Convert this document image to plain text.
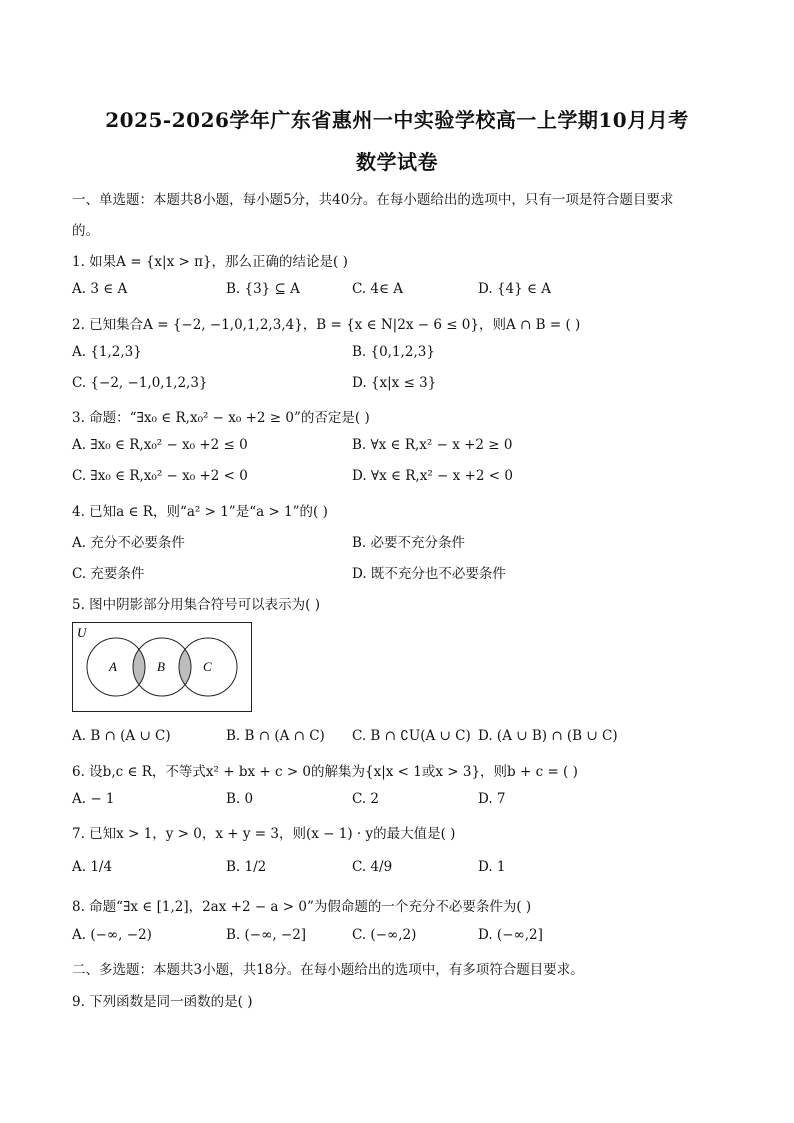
2025-2026学年广东省惠州一中实验学校高一上学期10月月考
数学试卷
一、单选题：本题共8小题，每小题5分，共40分。在每小题给出的选项中，只有一项是符合题目要求
的。
1. 如果A = {x|x > π}，那么正确的结论是( )
A. 3 ∈ A	B. {3} ⊆ A	C. 4∈ A	D. {4} ∈ A
2. 已知集合A = {−2, −1,0,1,2,3,4}，B = {x ∈ N|2x − 6 ≤ 0}，则A ∩ B = ( )
A. {1,2,3}	B. {0,1,2,3}
C. {−2, −1,0,1,2,3}	D. {x|x ≤ 3}
3. 命题：“∃x₀ ∈ R,x₀² − x₀ +2 ≥ 0”的否定是( )
A. ∃x₀ ∈ R,x₀² − x₀ +2 ≤ 0	B. ∀x ∈ R,x² − x +2 ≥ 0
C. ∃x₀ ∈ R,x₀² − x₀ +2 < 0	D. ∀x ∈ R,x² − x +2 < 0
4. 已知a ∈ R，则“a² > 1”是“a > 1”的( )
A. 充分不必要条件	B. 必要不充分条件
C. 充要条件	D. 既不充分也不必要条件
5. 图中阴影部分用集合符号可以表示为( )
U
A	B	C
A. B ∩ (A ∪ C)	B. B ∩ (A ∩ C) C. B ∩ ∁U(A ∪ C) D. (A ∪ B) ∩ (B ∪ C)
6. 设b,c ∈ R，不等式x² + bx + c > 0的解集为{x|x < 1或x > 3}，则b + c = ( )
A. − 1	B. 0	C. 2	D. 7
7. 已知x > 1，y > 0，x + y = 3，则(x − 1) · y的最大值是( )
A. 1/4	B. 1/2	C. 4/9	D. 1
8. 命题“∃x ∈ [1,2]，2ax +2 − a > 0”为假命题的一个充分不必要条件为( )
A. (−∞, −2)	B. (−∞, −2]	C. (−∞,2)	D. (−∞,2]
二、多选题：本题共3小题，共18分。在每小题给出的选项中，有多项符合题目要求。
9. 下列函数是同一函数的是( )
